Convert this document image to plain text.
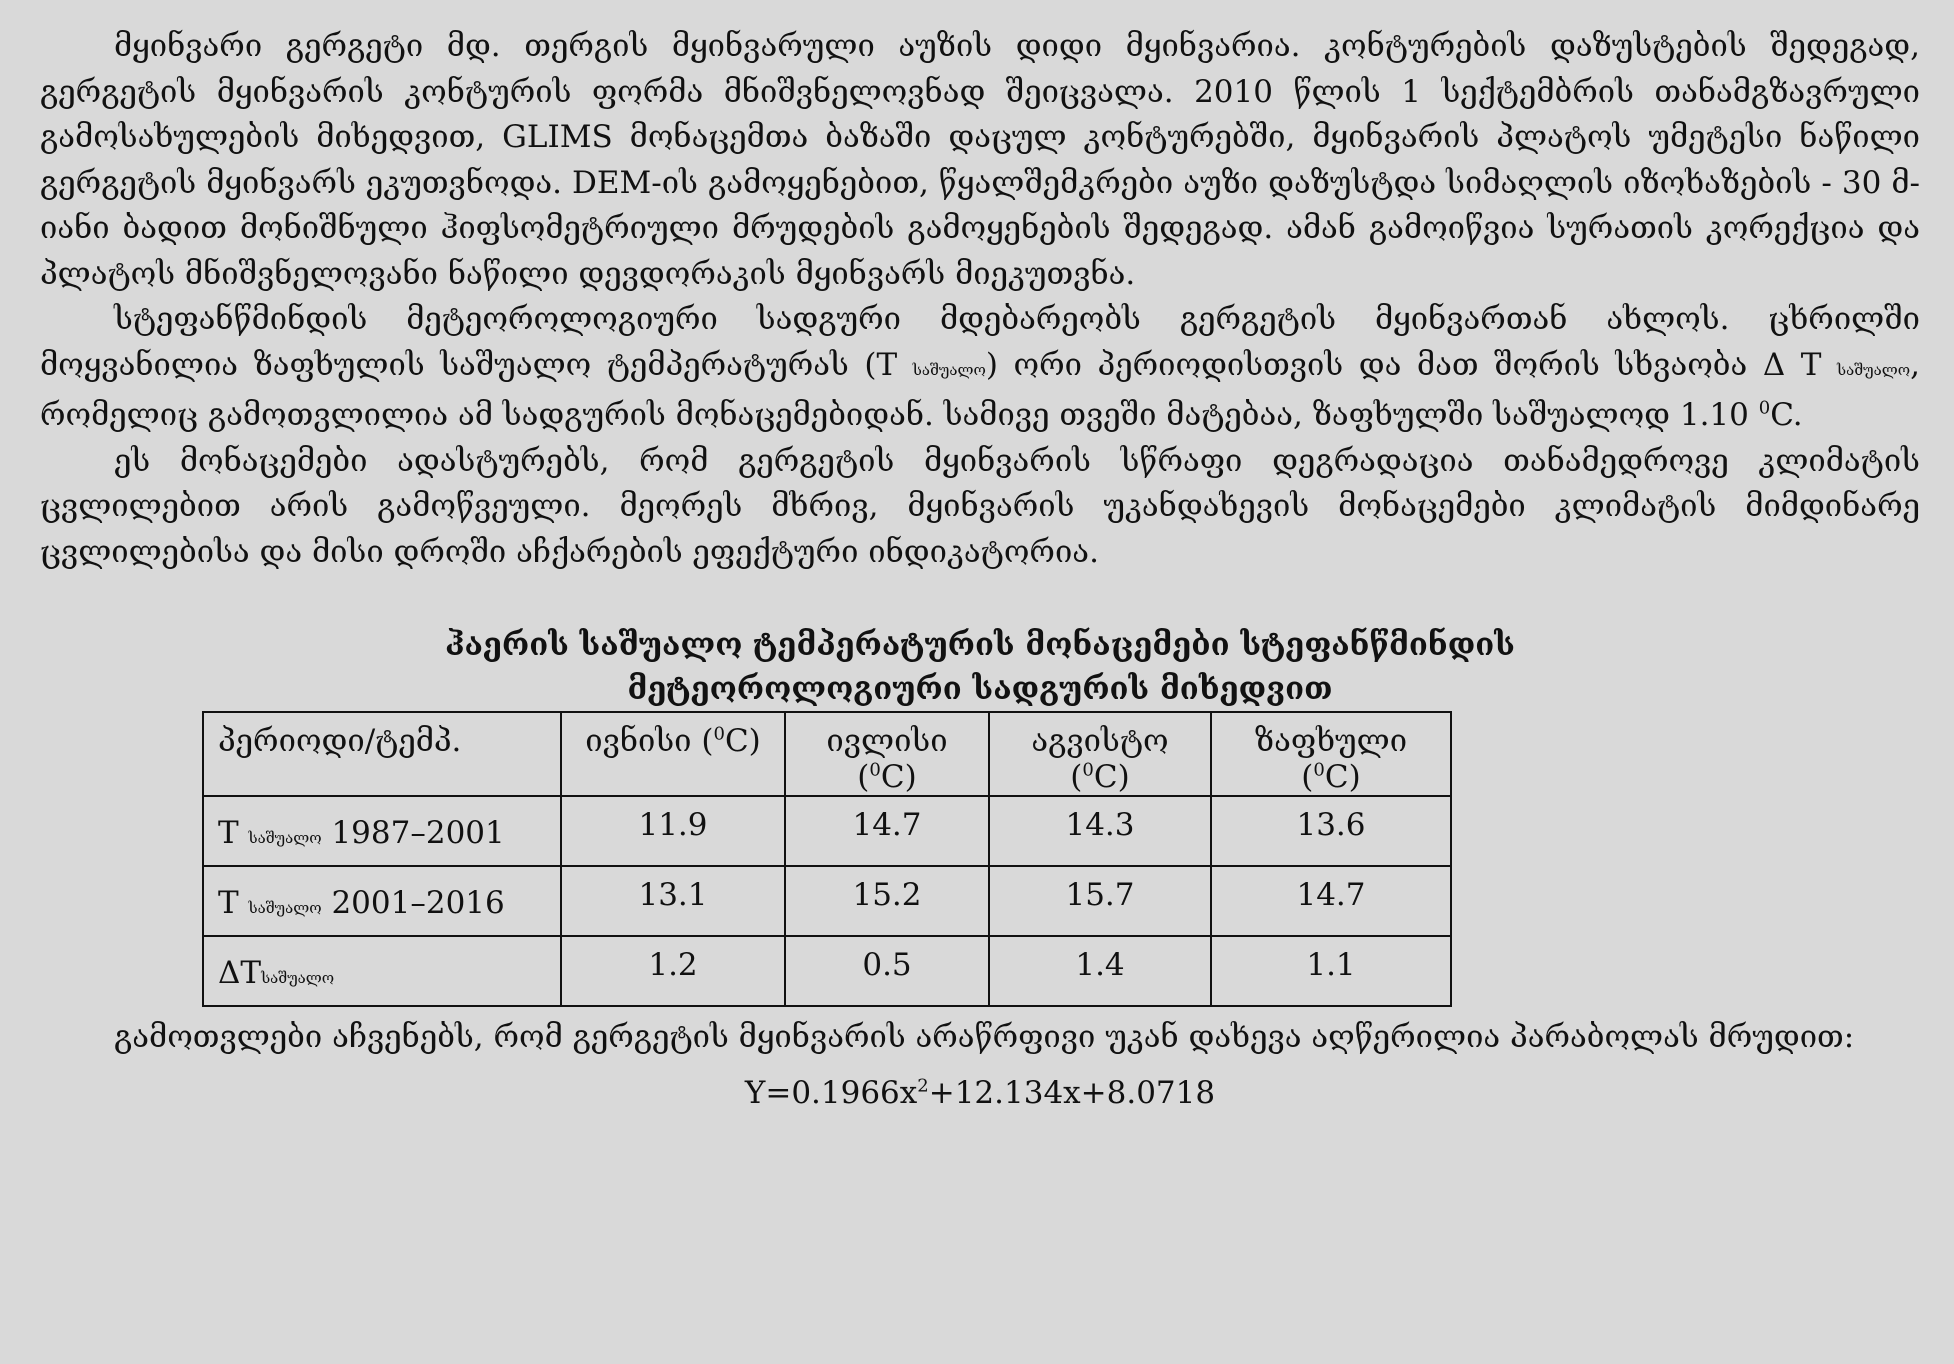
მყინვარი გერგეტი მდ. თერგის მყინვარული აუზის დიდი მყინვარია. კონტურების დაზუსტების შედეგად, გერგეტის მყინვარის კონტურის ფორმა მნიშვნელოვნად შეიცვალა. 2010 წლის 1 სექტემბრის თანამგზავრული გამოსახულების მიხედვით, GLIMS მონაცემთა ბაზაში დაცულ კონტურებში, მყინვარის პლატოს უმეტესი ნაწილი გერგეტის მყინვარს ეკუთვნოდა. DEM-ის გამოყენებით, წყალშემკრები აუზი დაზუსტდა სიმაღლის იზოხაზების - 30 მ-იანი ბადით მონიშნული ჰიფსომეტრიული მრუდების გამოყენების შედეგად. ამან გამოიწვია სურათის კორექცია და პლატოს მნიშვნელოვანი ნაწილი დევდორაკის მყინვარს მიეკუთვნა.

სტეფანწმინდის მეტეოროლოგიური სადგური მდებარეობს გერგეტის მყინვართან ახლოს. ცხრილში მოყვანილია ზაფხულის საშუალო ტემპერატურას (T საშუალო) ორი პერიოდისთვის და მათ შორის სხვაობა Δ T საშუალო, რომელიც გამოთვლილია ამ სადგურის მონაცემებიდან. სამივე თვეში მატებაა, ზაფხულში საშუალოდ 1.10 $^0$C.

ეს მონაცემები ადასტურებს, რომ გერგეტის მყინვარის სწრაფი დეგრადაცია თანამედროვე კლიმატის ცვლილებით არის გამოწვეული. მეორეს მხრივ, მყინვარის უკანდახევის მონაცემები კლიმატის მიმდინარე ცვლილებისა და მისი დროში აჩქარების ეფექტური ინდიკატორია.

ჰაერის საშუალო ტემპერატურის მონაცემები სტეფანწმინდის მეტეოროლოგიური სადგურის მიხედვით
პერიოდი/ტემპ.	ივნისი ($^0$C)	ივლისი ($^0$C)	აგვისტო ($^0$C)	ზაფხული ($^0$C)
T საშუალო 1987–2001	11.9	14.7	14.3	13.6
T საშუალო 2001–2016	13.1	15.2	15.7	14.7
ΔTსაშუალო	1.2	0.5	1.4	1.1

გამოთვლები აჩვენებს, რომ გერგეტის მყინვარის არაწრფივი უკან დახევა აღწერილია პარაბოლას მრუდით:

$Y=0.1966x^2+12.134x+8.0718$
